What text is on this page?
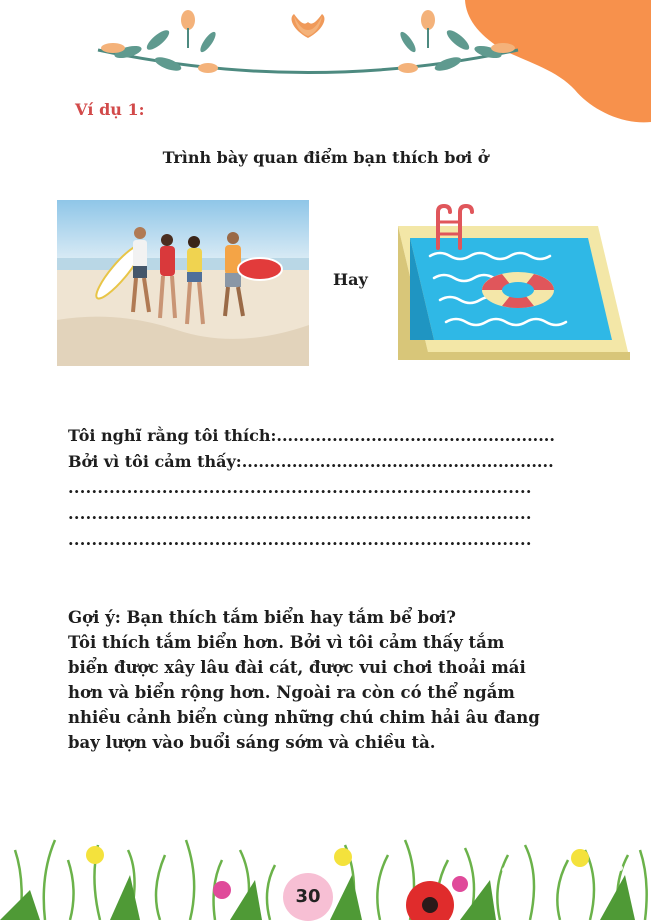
Ví dụ 1:
Trình bày quan điểm bạn thích bơi ở
Hay
Tôi nghĩ rằng tôi thích:..................................................
Bởi vì tôi cảm thấy:........................................................
...............................................................................
...............................................................................
...............................................................................

Gợi ý: Bạn thích tắm biển hay tắm bể bơi?

Tôi thích tắm biển hơn. Bởi vì tôi cảm thấy tắm

biển được xây lâu đài cát, được vui chơi thoải mái

hơn và biển rộng hơn. Ngoài ra còn có thể ngắm

nhiều cảnh biển cùng những chú chim hải âu đang

bay lượn vào buổi sáng sớm và chiều tà.

30
